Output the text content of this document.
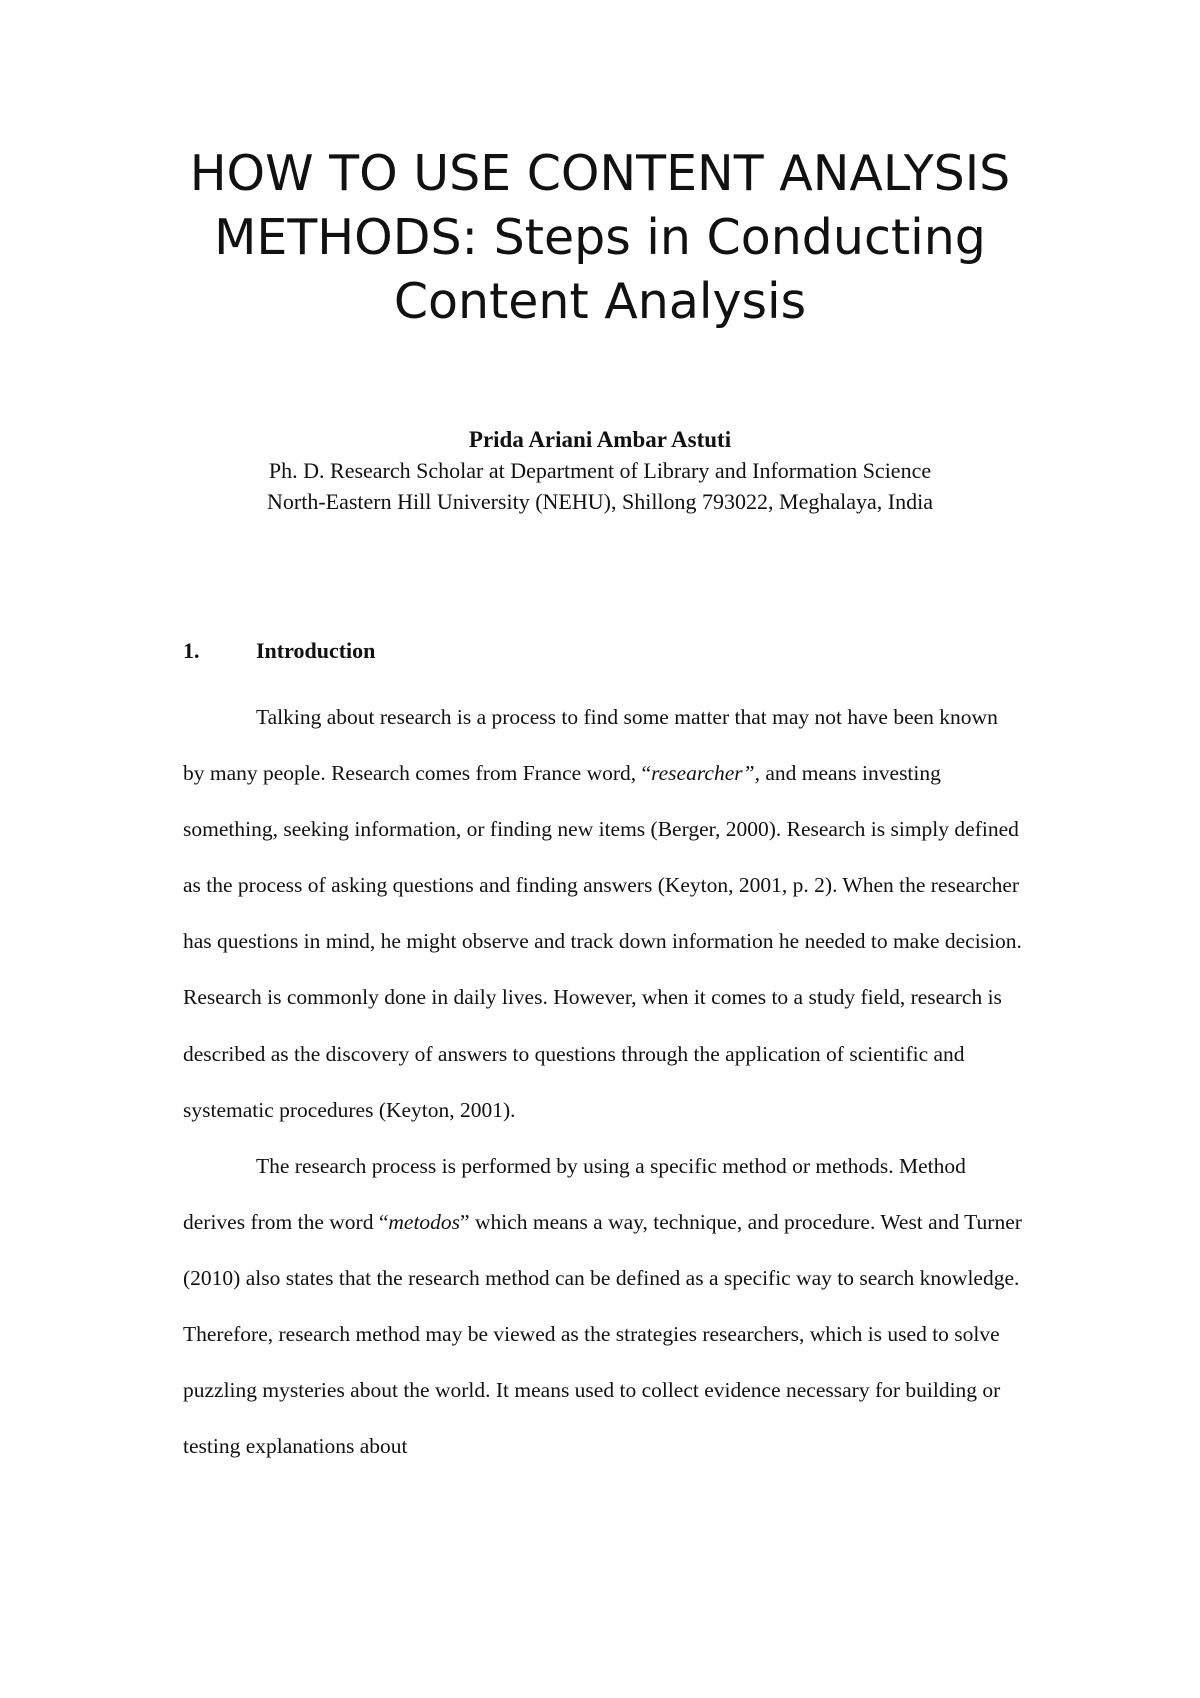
HOW TO USE CONTENT ANALYSIS METHODS: Steps in Conducting Content Analysis
Prida Ariani Ambar Astuti
Ph. D. Research Scholar at Department of Library and Information Science
North-Eastern Hill University (NEHU), Shillong 793022, Meghalaya, India
1.	Introduction

Talking about research is a process to find some matter that may not have been known by many people. Research comes from France word, “researcher”, and means investing something, seeking information, or finding new items (Berger, 2000). Research is simply defined as the process of asking questions and finding answers (Keyton, 2001, p. 2). When the researcher has questions in mind, he might observe and track down information he needed to make decision. Research is commonly done in daily lives. However, when it comes to a study field, research is described as the discovery of answers to questions through the application of scientific and systematic procedures (Keyton, 2001).

The research process is performed by using a specific method or methods. Method derives from the word “metodos” which means a way, technique, and procedure. West and Turner (2010) also states that the research method can be defined as a specific way to search knowledge. Therefore, research method may be viewed as the strategies researchers, which is used to solve puzzling mysteries about the world. It means used to collect evidence necessary for building or testing explanations about
